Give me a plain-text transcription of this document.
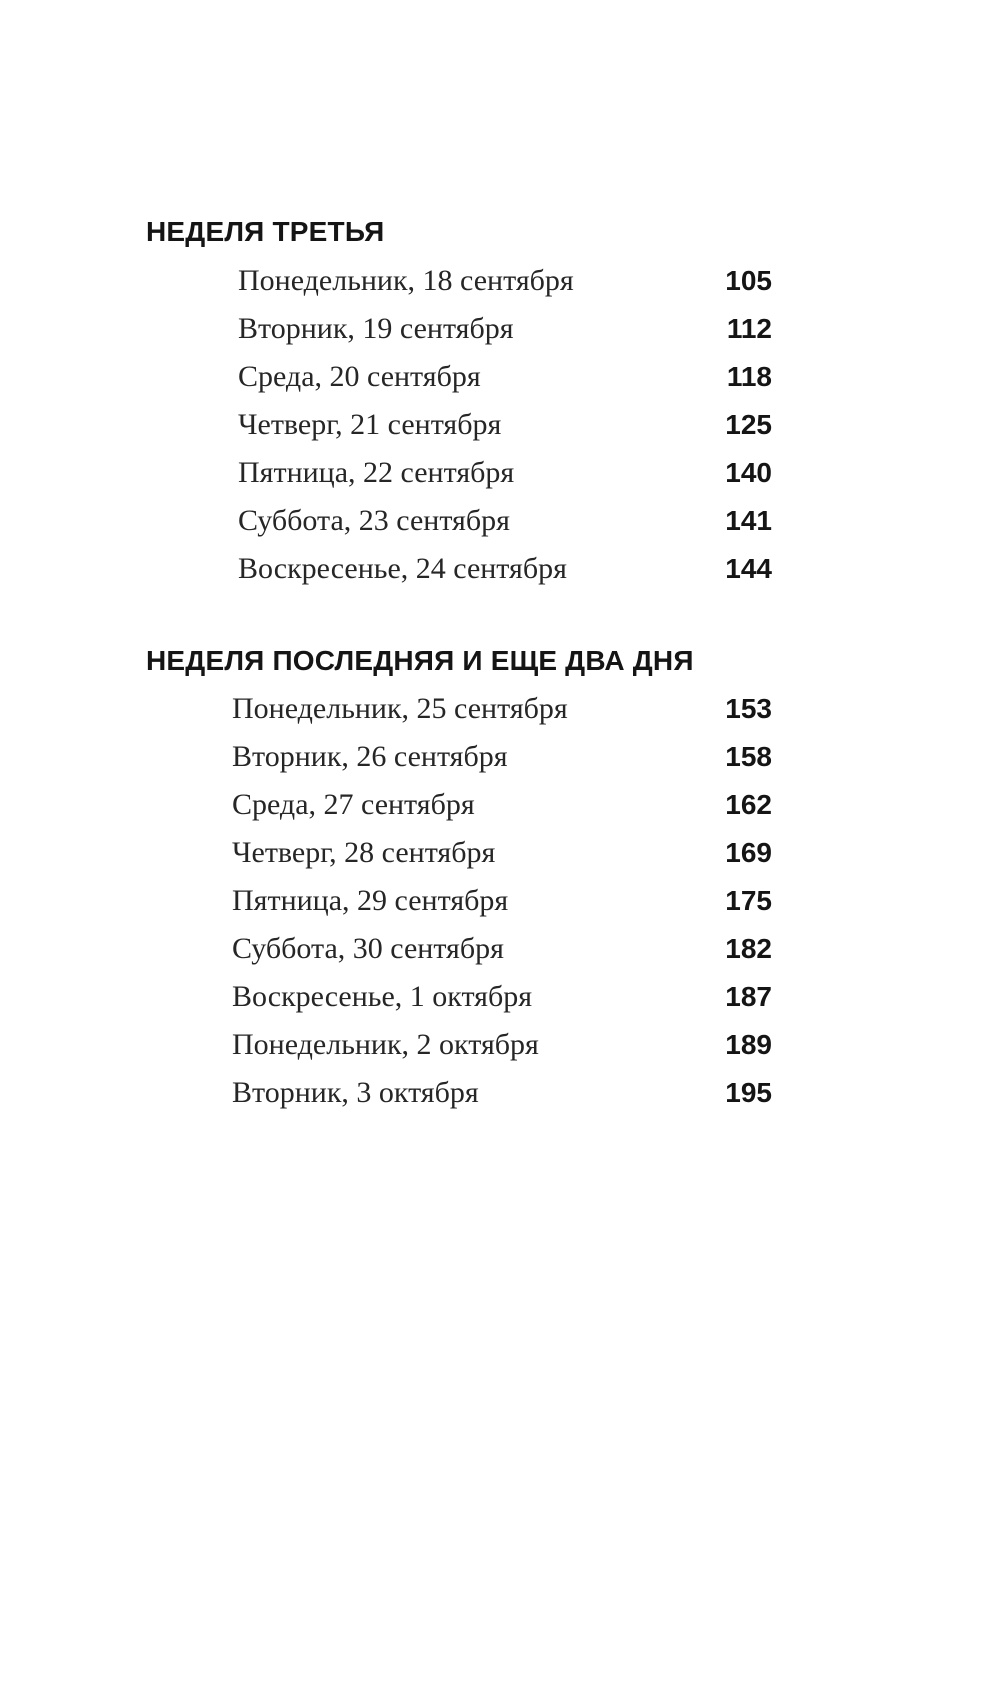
НЕДЕЛЯ ТРЕТЬЯ
Понедельник, 18 сентября	105
Вторник, 19 сентября	112
Среда, 20 сентября	118
Четверг, 21 сентября	125
Пятница, 22 сентября	140
Суббота, 23 сентября	141
Воскресенье, 24 сентября	144
НЕДЕЛЯ ПОСЛЕДНЯЯ И ЕЩЕ ДВА ДНЯ
Понедельник, 25 сентября	153
Вторник, 26 сентября	158
Среда, 27 сентября	162
Четверг, 28 сентября	169
Пятница, 29 сентября	175
Суббота, 30 сентября	182
Воскресенье, 1 октября	187
Понедельник, 2 октября	189
Вторник, 3 октября	195
